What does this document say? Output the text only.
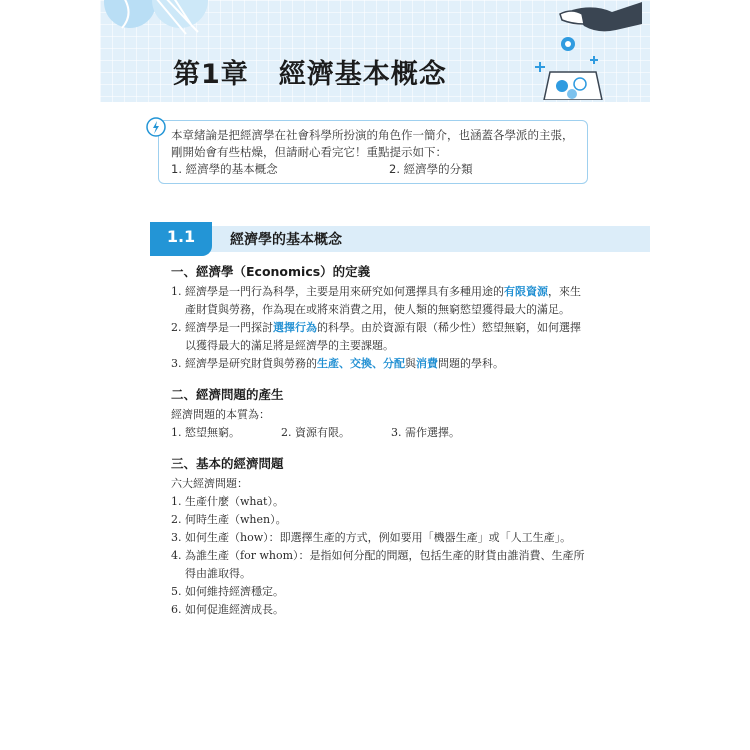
第1章 經濟基本概念
本章緒論是把經濟學在社會科學所扮演的角色作一簡介，也涵蓋各學派的主張，剛開始會有些枯燥，但請耐心看完它！重點提示如下：
1. 經濟學的基本概念	2. 經濟學的分類
1.1	經濟學的基本概念
一、經濟學（Economics）的定義
1. 經濟學是一門行為科學，主要是用來研究如何選擇具有多種用途的有限資源，來生產財貨與勞務，作為現在或將來消費之用，使人類的無窮慾望獲得最大的滿足。
2. 經濟學是一門探討選擇行為的科學。由於資源有限（稀少性）慾望無窮，如何選擇以獲得最大的滿足將是經濟學的主要課題。
3. 經濟學是研究財貨與勞務的生產、交換、分配與消費問題的學科。
二、經濟問題的產生
經濟問題的本質為：
1. 慾望無窮。	2. 資源有限。	3. 需作選擇。
三、基本的經濟問題
六大經濟問題：
1. 生產什麼（what）。
2. 何時生產（when）。
3. 如何生產（how）：即選擇生產的方式，例如要用「機器生產」或「人工生產」。
4. 為誰生產（for whom）：是指如何分配的問題，包括生產的財貨由誰消費、生產所得由誰取得。
5. 如何維持經濟穩定。
6. 如何促進經濟成長。
